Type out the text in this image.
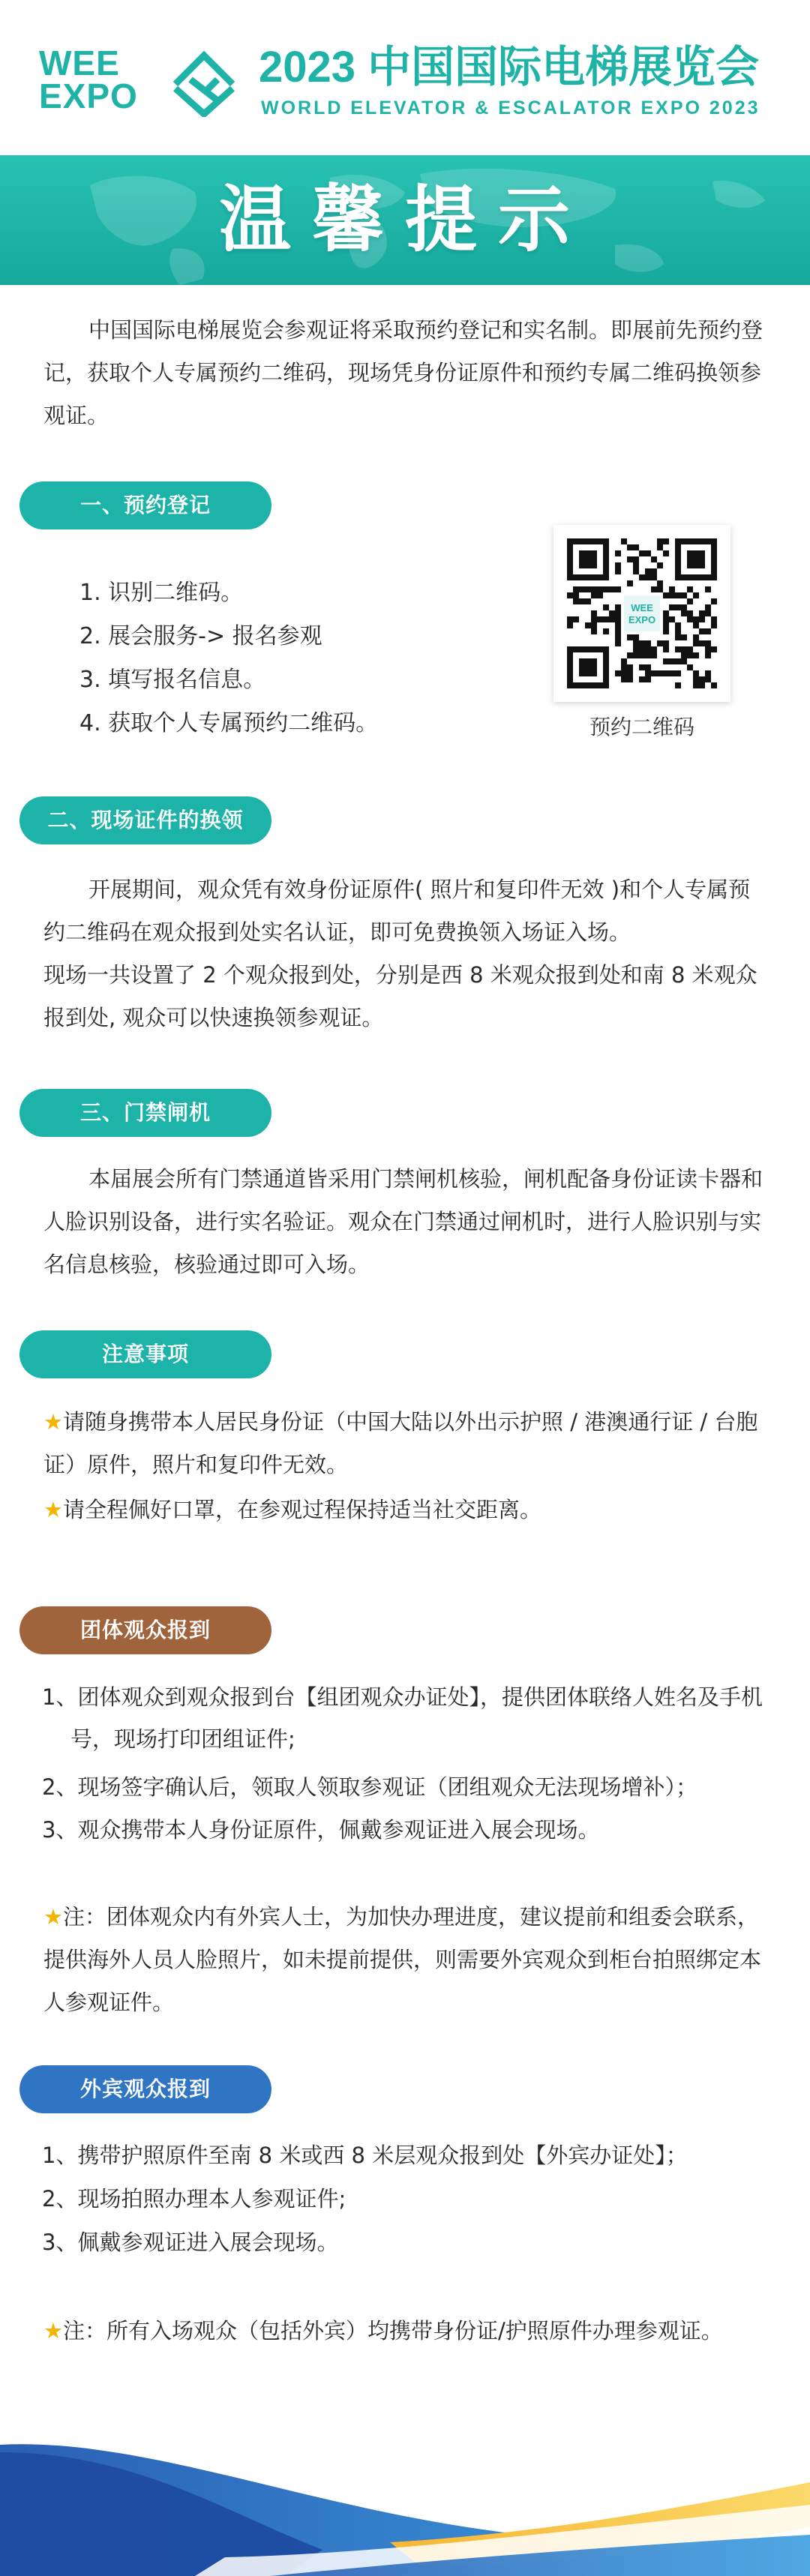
WEE
EXPO
2023 中国国际电梯展览会
WORLD ELEVATOR & ESCALATOR EXPO 2023
温馨提示

中国国际电梯展览会参观证将采取预约登记和实名制。即展前先预约登记，获取个人专属预约二维码，现场凭身份证原件和预约专属二维码换领参观证。

一、预约登记
1. 识别二维码。
2. 展会服务-> 报名参观
3. 填写报名信息。
4. 获取个人专属预约二维码。
WEE
EXPO
预约二维码
二、现场证件的换领

开展期间，观众凭有效身份证原件( 照片和复印件无效 )和个人专属预约二维码在观众报到处实名认证，即可免费换领入场证入场。

现场一共设置了 2 个观众报到处，分别是西 8 米观众报到处和南 8 米观众报到处, 观众可以快速换领参观证。

三、门禁闸机

本届展会所有门禁通道皆采用门禁闸机核验，闸机配备身份证读卡器和人脸识别设备，进行实名验证。观众在门禁通过闸机时，进行人脸识别与实名信息核验，核验通过即可入场。

注意事项
★请随身携带本人居民身份证（中国大陆以外出示护照 / 港澳通行证 / 台胞证）原件，照片和复印件无效。
★请全程佩好口罩，在参观过程保持适当社交距离。
团体观众报到
1、团体观众到观众报到台【组团观众办证处】，提供团体联络人姓名及手机号，现场打印团组证件;
2、现场签字确认后，领取人领取参观证（团组观众无法现场增补）；
3、观众携带本人身份证原件，佩戴参观证进入展会现场。
★注：团体观众内有外宾人士，为加快办理进度，建议提前和组委会联系，提供海外人员人脸照片，如未提前提供，则需要外宾观众到柜台拍照绑定本人参观证件。
外宾观众报到
1、携带护照原件至南 8 米或西 8 米层观众报到处【外宾办证处】；
2、现场拍照办理本人参观证件;
3、佩戴参观证进入展会现场。
★注：所有入场观众（包括外宾）均携带身份证/护照原件办理参观证。
